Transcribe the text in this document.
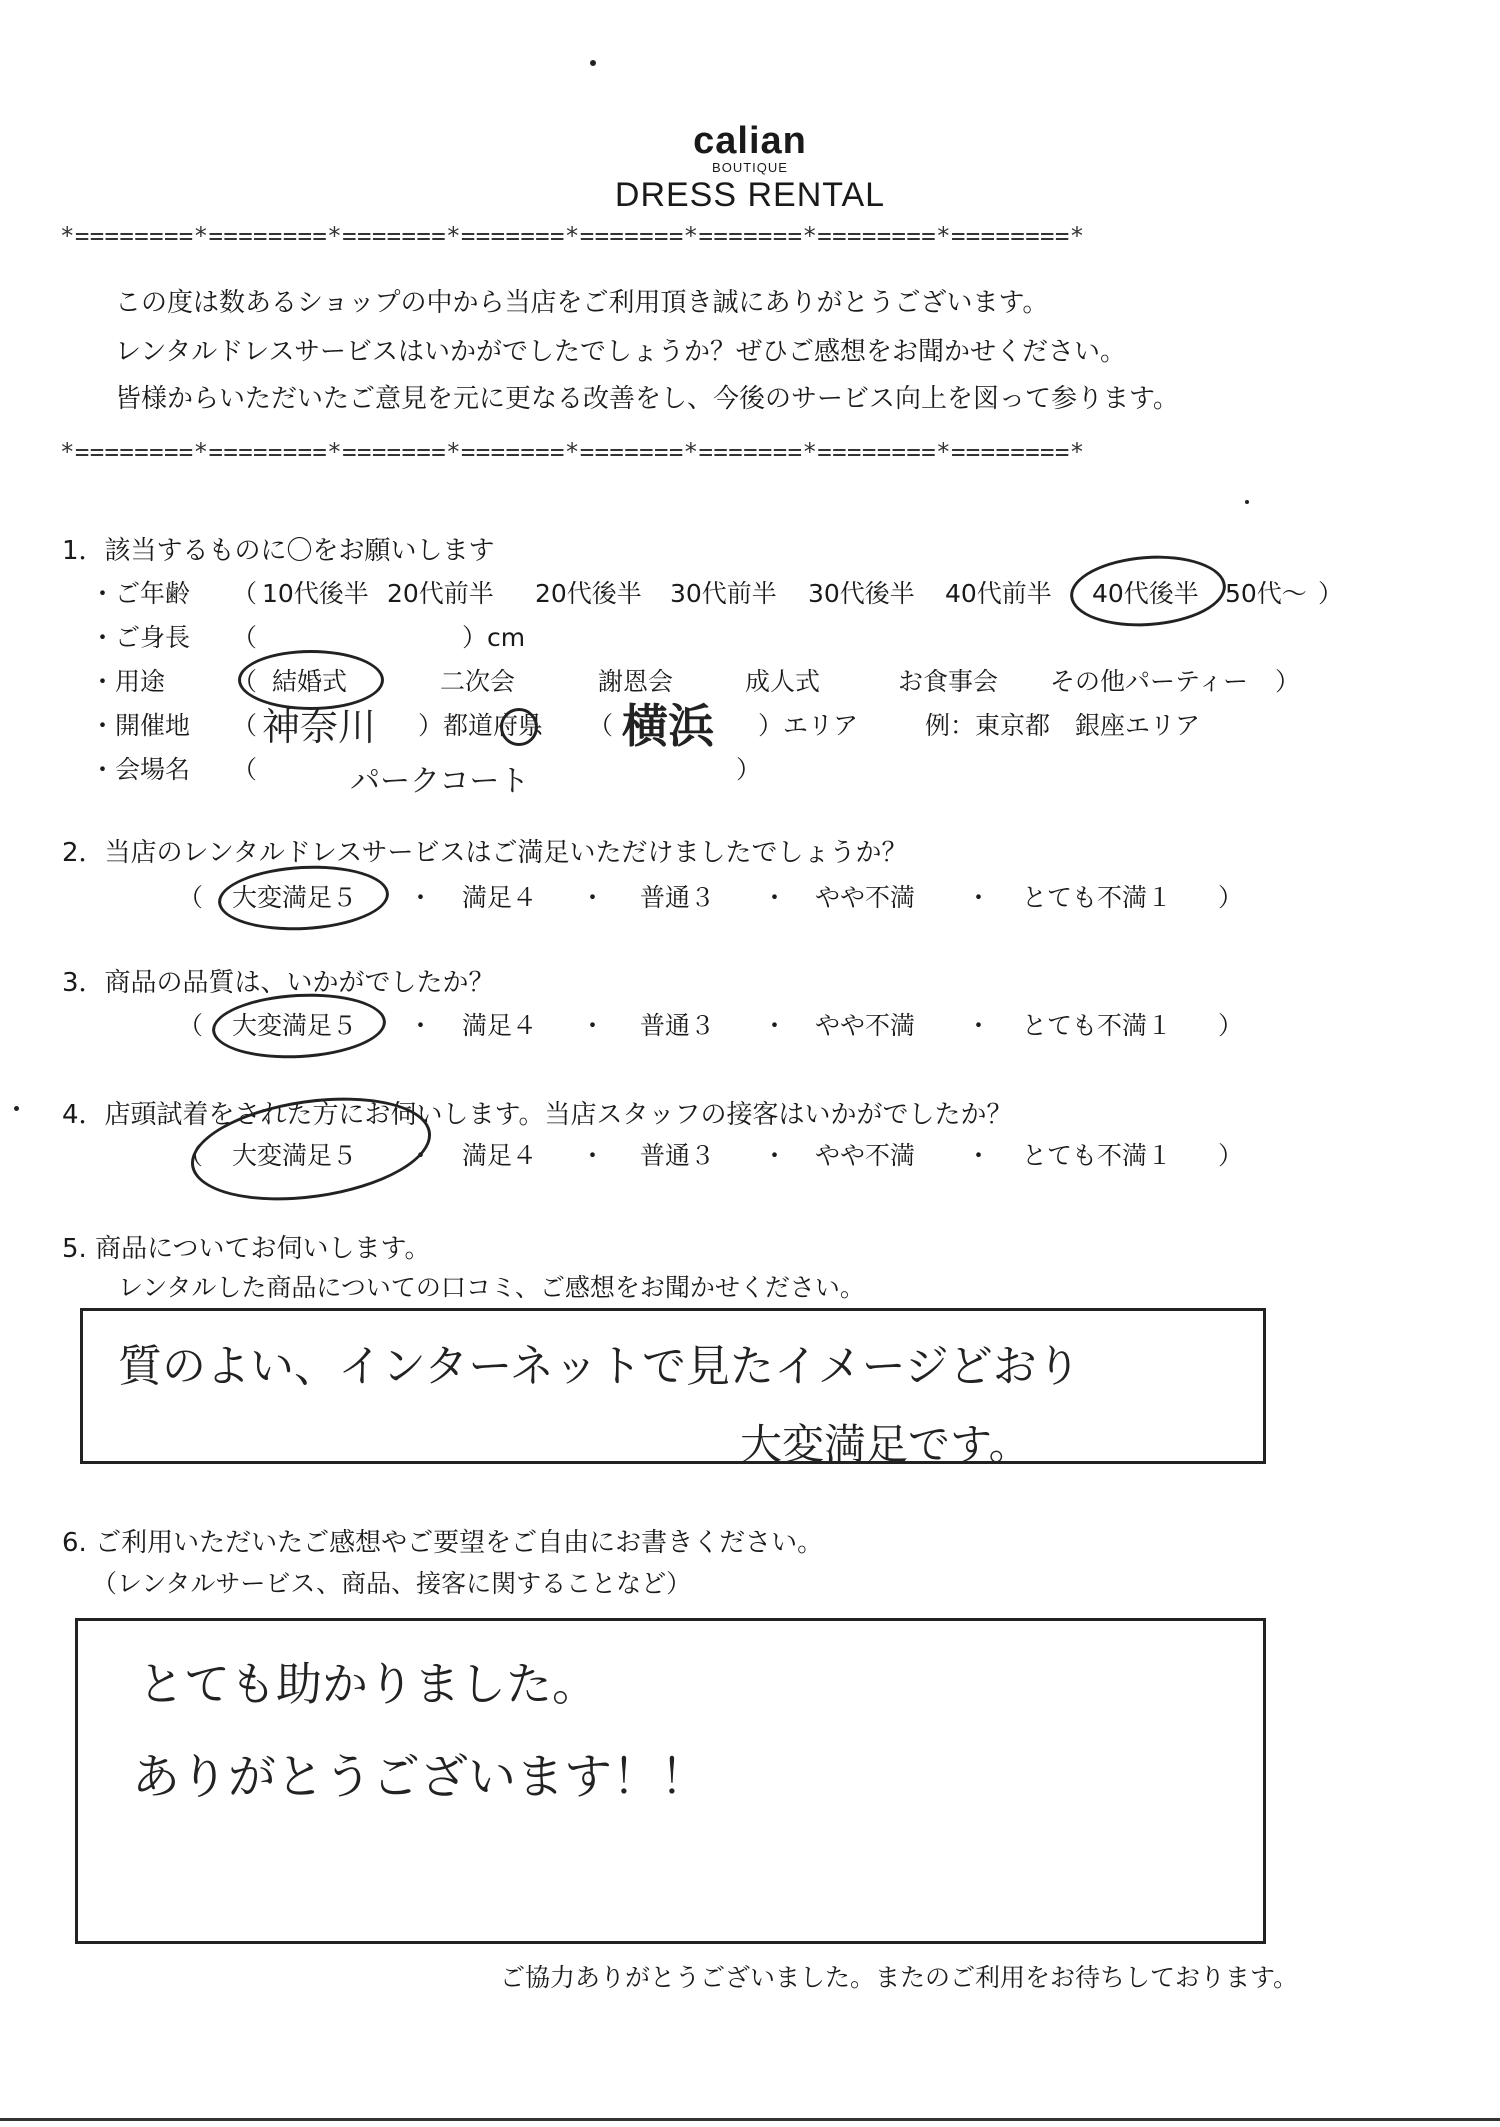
calian
BOUTIQUE
DRESS RENTAL
*========*========*=======*=======*=======*=======*========*========*
*========*========*=======*=======*=======*=======*========*========*
この度は数あるショップの中から当店をご利用頂き誠にありがとうございます。
レンタルドレスサービスはいかがでしたでしょうか？ぜひご感想をお聞かせください。
皆様からいただいたご意見を元に更なる改善をし、今後のサービス向上を図って参ります。
1．該当するものに〇をお願いします
・ご年齢 （ 10代後半 20代前半 20代後半 30代前半 30代後半 40代前半 40代後半 50代〜 ）
・ご身長 （	）cm
・用途	（ 結婚式	二次会	謝恩会	成人式	お食事会 その他パーティー ）
・開催地 （ 神奈川 ）都道府県 （ 横浜 ）エリア	例：東京都　銀座エリア
・会場名 （	パークコート	）
2．当店のレンタルドレスサービスはご満足いただけましたでしょうか？
（ 大変満足５ ・ 満足４ ・ 普通３ ・ やや不満 ・ とても不満１ ）
3．商品の品質は、いかがでしたか？
（ 大変満足５ ・ 満足４ ・ 普通３ ・ やや不満 ・ とても不満１ ）
4．店頭試着をされた方にお伺いします。当店スタッフの接客はいかがでしたか？
（ 大変満足５ ・ 満足４ ・ 普通３ ・ やや不満 ・ とても不満１ ）
5. 商品についてお伺いします。
レンタルした商品についての口コミ、ご感想をお聞かせください。
質のよい、インターネットで見たイメージどおり
大変満足です。
6. ご利用いただいたご感想やご要望をご自由にお書きください。
（レンタルサービス、商品、接客に関することなど）
とても助かりました。
ありがとうございます！！
ご協力ありがとうございました。またのご利用をお待ちしております。
